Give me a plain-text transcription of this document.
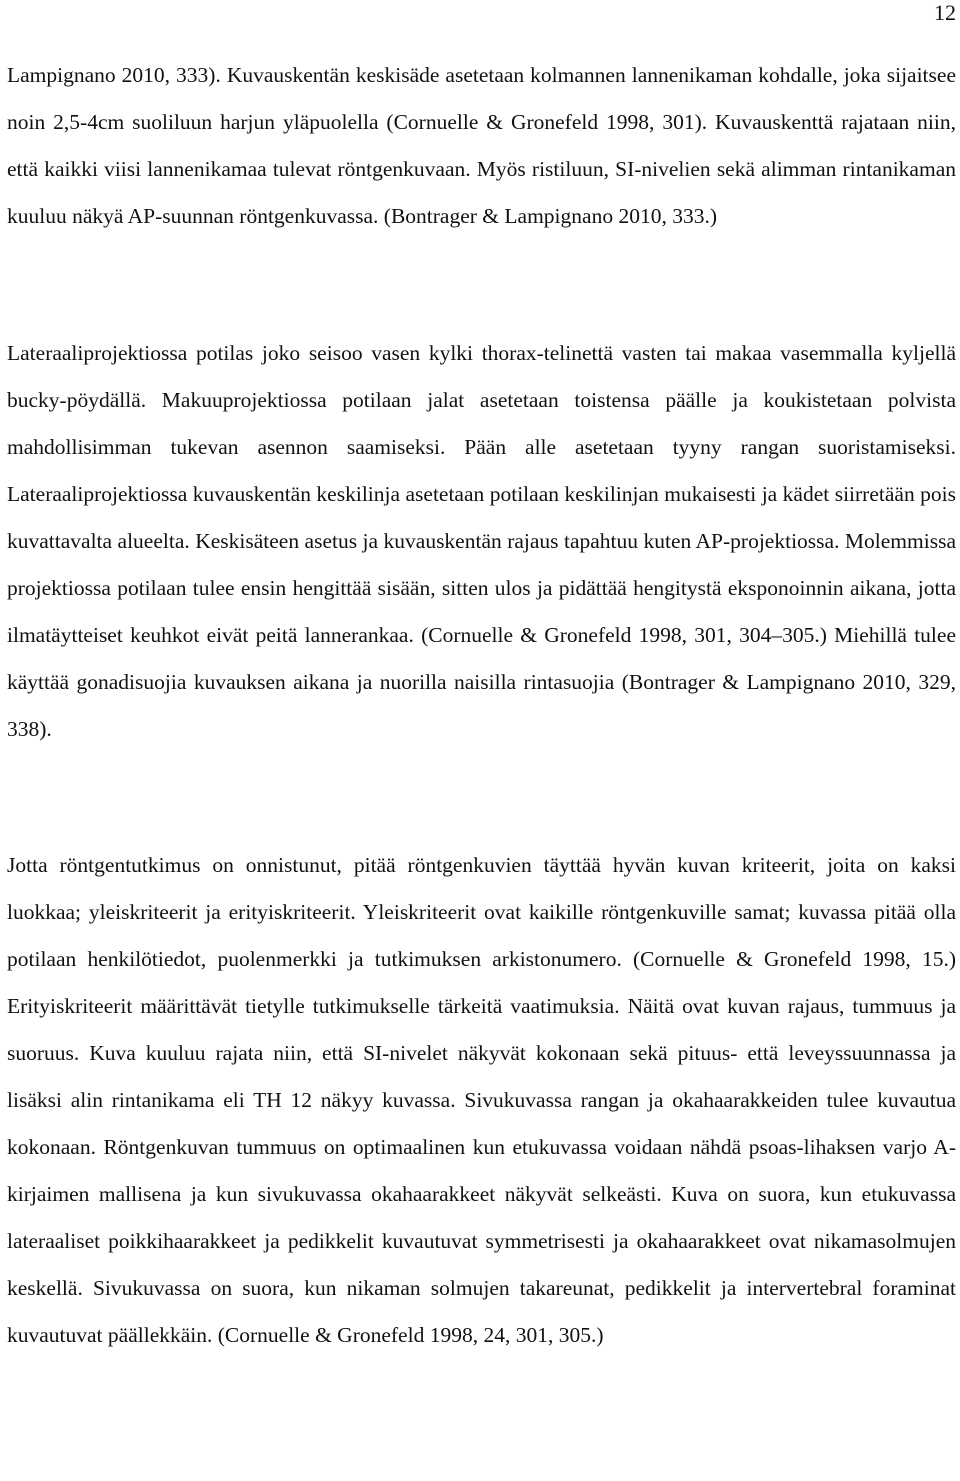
12

Lampignano 2010, 333). Kuvauskentän keskisäde asetetaan kolmannen lannenikaman kohdalle, joka sijaitsee noin 2,5-4cm suoliluun harjun yläpuolella (Cornuelle & Gronefeld 1998, 301). Kuvauskenttä rajataan niin, että kaikki viisi lannenikamaa tulevat röntgenkuvaan. Myös ristiluun, SI-nivelien sekä alimman rintanikaman kuuluu näkyä AP-suunnan röntgenkuvassa. (Bontrager & Lampignano 2010, 333.)

Lateraaliprojektiossa potilas joko seisoo vasen kylki thorax-telinettä vasten tai makaa vasemmalla kyljellä bucky-pöydällä. Makuuprojektiossa potilaan jalat asetetaan toistensa päälle ja koukistetaan polvista mahdollisimman tukevan asennon saamiseksi. Pään alle asetetaan tyyny rangan suoristamiseksi. Lateraaliprojektiossa kuvauskentän keskilinja asetetaan potilaan keskilinjan mukaisesti ja kädet siirretään pois kuvattavalta alueelta. Keskisäteen asetus ja kuvauskentän rajaus tapahtuu kuten AP-projektiossa. Molemmissa projektiossa potilaan tulee ensin hengittää sisään, sitten ulos ja pidättää hengitystä eksponoinnin aikana, jotta ilmatäytteiset keuhkot eivät peitä lannerankaa. (Cornuelle & Gronefeld 1998, 301, 304–305.) Miehillä tulee käyttää gonadisuojia kuvauksen aikana ja nuorilla naisilla rintasuojia (Bontrager & Lampignano 2010, 329, 338).

Jotta röntgentutkimus on onnistunut, pitää röntgenkuvien täyttää hyvän kuvan kriteerit, joita on kaksi luokkaa; yleiskriteerit ja erityiskriteerit. Yleiskriteerit ovat kaikille röntgenkuville samat; kuvassa pitää olla potilaan henkilötiedot, puolenmerkki ja tutkimuksen arkistonumero. (Cornuelle & Gronefeld 1998, 15.) Erityiskriteerit määrittävät tietylle tutkimukselle tärkeitä vaatimuksia. Näitä ovat kuvan rajaus, tummuus ja suoruus. Kuva kuuluu rajata niin, että SI-nivelet näkyvät kokonaan sekä pituus- että leveyssuunnassa ja lisäksi alin rintanikama eli TH 12 näkyy kuvassa. Sivukuvassa rangan ja okahaarakkeiden tulee kuvautua kokonaan. Röntgenkuvan tummuus on optimaalinen kun etukuvassa voidaan nähdä psoas-lihaksen varjo A-kirjaimen mallisena ja kun sivukuvassa okahaarakkeet näkyvät selkeästi. Kuva on suora, kun etukuvassa lateraaliset poikkihaarakkeet ja pedikkelit kuvautuvat symmetrisesti ja okahaarakkeet ovat nikamasolmujen keskellä. Sivukuvassa on suora, kun nikaman solmujen takareunat, pedikkelit ja intervertebral foraminat kuvautuvat päällekkäin. (Cornuelle & Gronefeld 1998, 24, 301, 305.)
